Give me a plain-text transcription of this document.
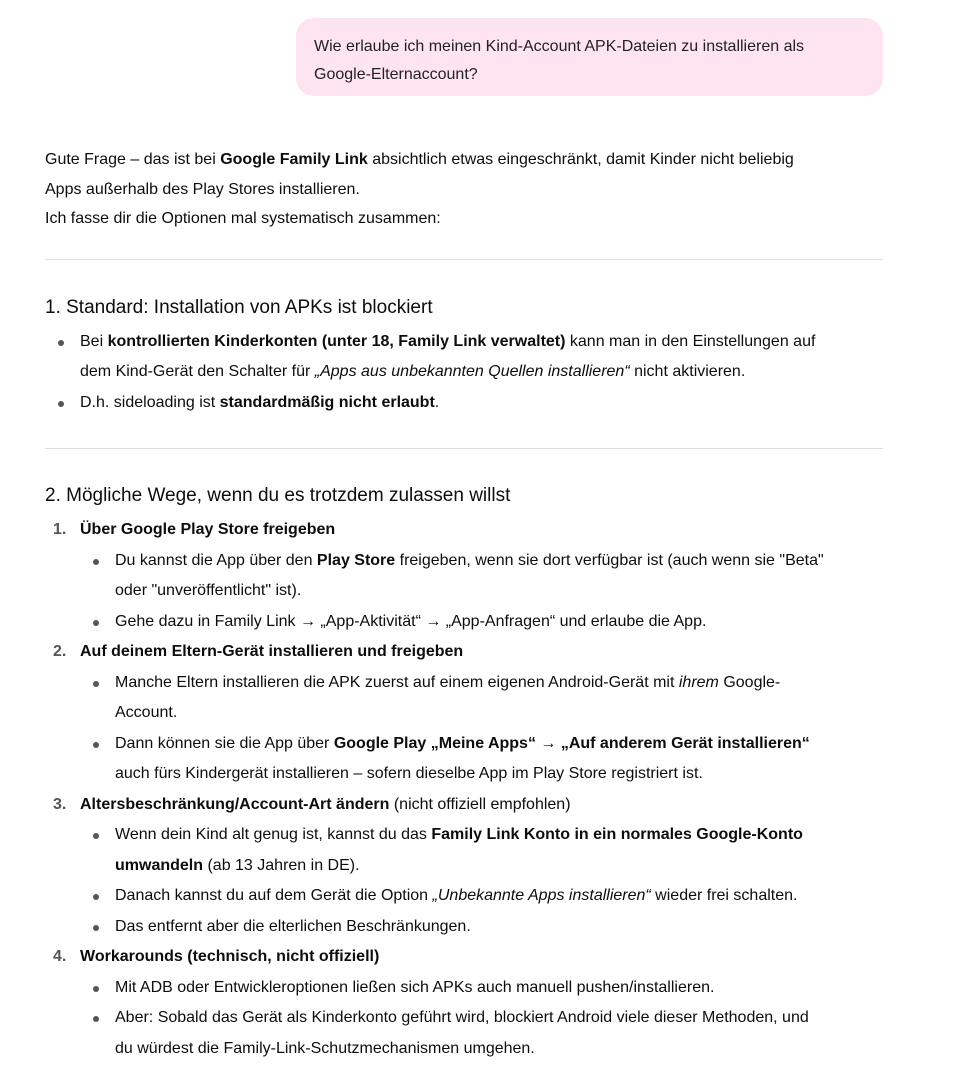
Wie erlaube ich meinen Kind-Account APK-Dateien zu installieren als
Google-Elternaccount?

Gute Frage – das ist bei Google Family Link absichtlich etwas eingeschränkt, damit Kinder nicht beliebig
Apps außerhalb des Play Stores installieren.
Ich fasse dir die Optionen mal systematisch zusammen:

1. Standard: Installation von APKs ist blockiert
Bei kontrollierten Kinderkonten (unter 18, Family Link verwaltet) kann man in den Einstellungen auf
dem Kind-Gerät den Schalter für „Apps aus unbekannten Quellen installieren“ nicht aktivieren.
D.h. sideloading ist standardmäßig nicht erlaubt.
2. Mögliche Wege, wenn du es trotzdem zulassen willst
1. Über Google Play Store freigeben
Du kannst die App über den Play Store freigeben, wenn sie dort verfügbar ist (auch wenn sie "Beta"
oder "unveröffentlicht" ist).
Gehe dazu in Family Link → „App-Aktivität“ → „App-Anfragen“ und erlaube die App.
2. Auf deinem Eltern-Gerät installieren und freigeben
Manche Eltern installieren die APK zuerst auf einem eigenen Android-Gerät mit ihrem Google-
Account.
Dann können sie die App über Google Play „Meine Apps“ → „Auf anderem Gerät installieren“
auch fürs Kindergerät installieren – sofern dieselbe App im Play Store registriert ist.
3. Altersbeschränkung/Account-Art ändern (nicht offiziell empfohlen)
Wenn dein Kind alt genug ist, kannst du das Family Link Konto in ein normales Google-Konto
umwandeln (ab 13 Jahren in DE).
Danach kannst du auf dem Gerät die Option „Unbekannte Apps installieren“ wieder frei schalten.
Das entfernt aber die elterlichen Beschränkungen.
4. Workarounds (technisch, nicht offiziell)
Mit ADB oder Entwickleroptionen ließen sich APKs auch manuell pushen/installieren.
Aber: Sobald das Gerät als Kinderkonto geführt wird, blockiert Android viele dieser Methoden, und
du würdest die Family-Link-Schutzmechanismen umgehen.
